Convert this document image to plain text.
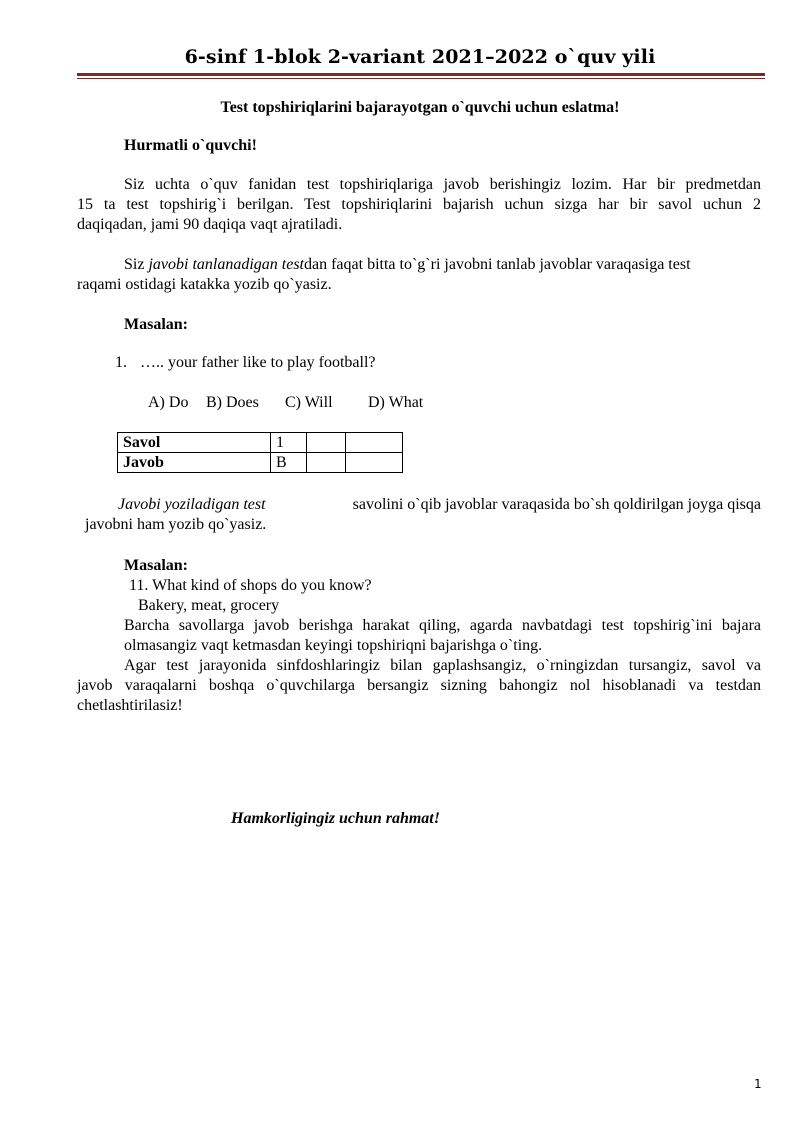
6-sinf 1-blok 2-variant 2021–2022 o`quv yili
Test topshiriqlarini bajarayotgan o`quvchi uchun eslatma!
Hurmatli o`quvchi!
Siz uchta o`quv fanidan test topshiriqlariga javob berishingiz lozim. Har bir predmetdan
15 ta test topshirig`i berilgan. Test topshiriqlarini bajarish uchun sizga har bir savol uchun 2
daqiqadan, jami 90 daqiqa vaqt ajratiladi.
Siz javobi tanlanadigan testdan faqat bitta to`g`ri javobni tanlab javoblar varaqasiga test
raqami ostidagi katakka yozib qo`yasiz.
Masalan:
1. ….. your father like to play football?
A) Do B) Does C) Will D) What
Savol	1		
Javob	B		
Javobi yoziladigan test	savolini o`qib javoblar varaqasida bo`sh qoldirilgan joyga qisqa
javobni ham yozib qo`yasiz.
Masalan:
11. What kind of shops do you know?
Bakery, meat, grocery
Barcha savollarga javob berishga harakat qiling, agarda navbatdagi test topshirig`ini bajara
olmasangiz vaqt ketmasdan keyingi topshiriqni bajarishga o`ting.
Agar test jarayonida sinfdoshlaringiz bilan gaplashsangiz, o`rningizdan tursangiz, savol va
javob varaqalarni boshqa o`quvchilarga bersangiz sizning bahongiz nol hisoblanadi va testdan
chetlashtirilasiz!
Hamkorligingiz uchun rahmat!
1
